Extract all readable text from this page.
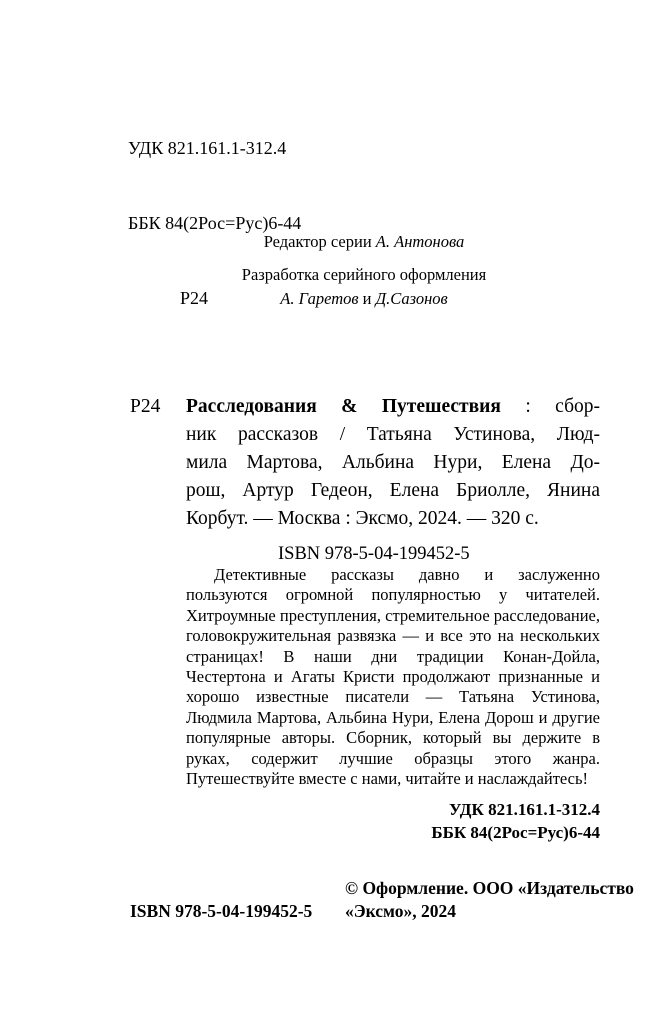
УДК 821.161.1-312.4

ББК 84(2Рос=Рус)6-44

Р24

Редактор серии А. Антонова
Разработка серийного оформления
А. Гаретов и Д.Сазонов
Р24 Расследования & Путешествия : сбор-
ник рассказов / Татьяна Устинова, Люд-
мила Мартова, Альбина Нури, Елена До-
рош, Артур Гедеон, Елена Бриолле, Янина
Корбут. — Москва : Эксмо, 2024. — 320 с.
ISBN 978-5-04-199452-5
Детективные рассказы давно и заслуженно пользуются огромной популярностью у читателей. Хитроумные преступления, стремительное расследование, головокружительная развязка — и все это на нескольких страницах! В наши дни традиции Конан-Дойла, Честертона и Агаты Кристи продолжают признанные и хорошо известные писатели — Татьяна Устинова, Людмила Мартова, Альбина Нури, Елена Дорош и другие популярные авторы. Сборник, который вы держите в руках, содержит лучшие образцы этого жанра. Путешествуйте вместе с нами, читайте и наслаждайтесь!
УДК 821.161.1-312.4
ББК 84(2Рос=Рус)6-44
© Оформление. ООО «Издательство
ISBN 978-5-04-199452-5 «Эксмо», 2024
